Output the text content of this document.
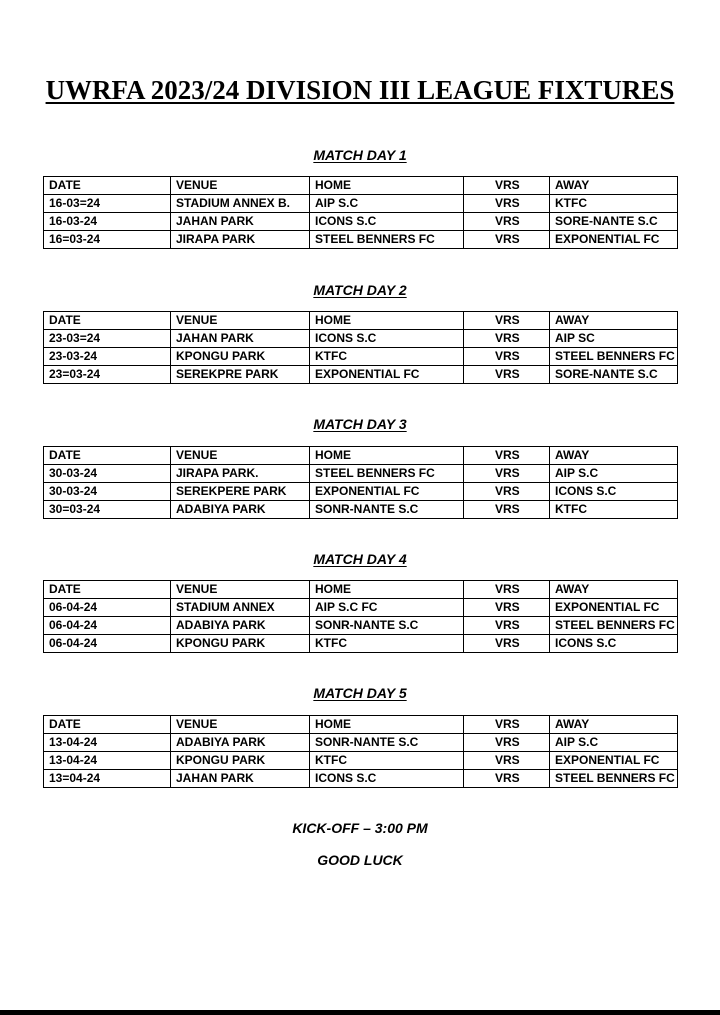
UWRFA 2023/24 DIVISION III LEAGUE FIXTURES
MATCH DAY 1
DATE	VENUE	HOME	VRS	AWAY
16-03=24	STADIUM ANNEX B.	AIP S.C	VRS	KTFC
16-03-24	JAHAN PARK	ICONS S.C	VRS	SORE-NANTE S.C
16=03-24	JIRAPA PARK	STEEL BENNERS FC	VRS	EXPONENTIAL FC
MATCH DAY 2
DATE	VENUE	HOME	VRS	AWAY
23-03=24	JAHAN PARK	ICONS S.C	VRS	AIP SC
23-03-24	KPONGU PARK	KTFC	VRS	STEEL BENNERS FC
23=03-24	SEREKPRE PARK	EXPONENTIAL FC	VRS	SORE-NANTE S.C
MATCH DAY 3
DATE	VENUE	HOME	VRS	AWAY
30-03-24	JIRAPA PARK.	STEEL BENNERS FC	VRS	AIP S.C
30-03-24	SEREKPERE PARK	EXPONENTIAL FC	VRS	ICONS S.C
30=03-24	ADABIYA PARK	SONR-NANTE S.C	VRS	KTFC
MATCH DAY 4
DATE	VENUE	HOME	VRS	AWAY
06-04-24	STADIUM ANNEX	AIP S.C FC	VRS	EXPONENTIAL FC
06-04-24	ADABIYA PARK	SONR-NANTE S.C	VRS	STEEL BENNERS FC
06-04-24	KPONGU PARK	KTFC	VRS	ICONS S.C
MATCH DAY 5
DATE	VENUE	HOME	VRS	AWAY
13-04-24	ADABIYA PARK	SONR-NANTE S.C	VRS	AIP S.C
13-04-24	KPONGU PARK	KTFC	VRS	EXPONENTIAL FC
13=04-24	JAHAN PARK	ICONS S.C	VRS	STEEL BENNERS FC
KICK-OFF – 3:00 PM
GOOD LUCK
